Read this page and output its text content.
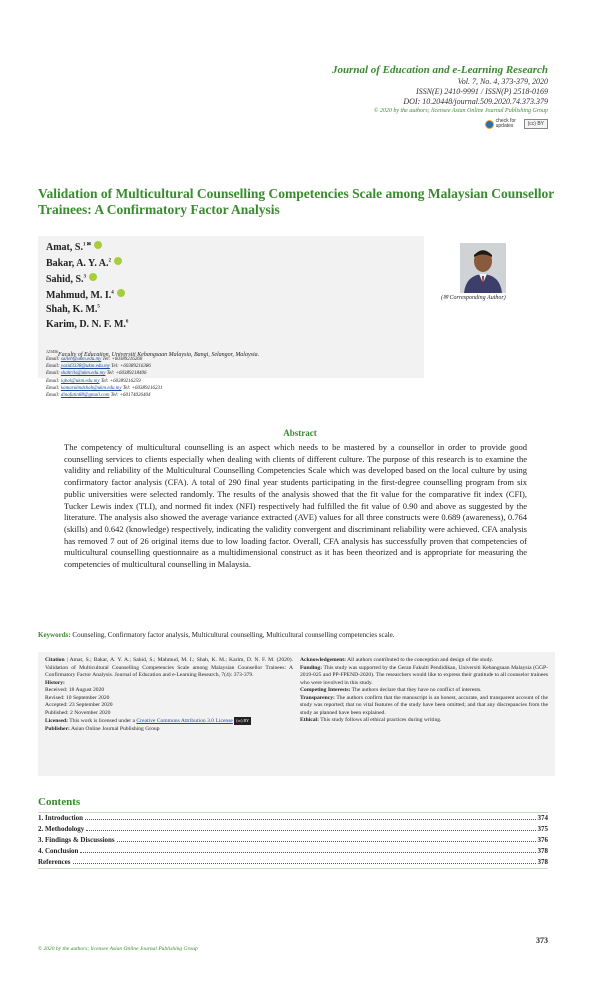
Journal of Education and e-Learning Research
Vol. 7, No. 4, 373-379, 2020
ISSN(E) 2410-9991 / ISSN(P) 2518-0169
DOI: 10.20448/journal.509.2020.74.373.379
© 2020 by the authors; licensee Asian Online Journal Publishing Group
check for updates	(cc) BY
Validation of Multicultural Counselling Competencies Scale among Malaysian Counsellor Trainees: A Confirmatory Factor Analysis
Amat, S.$^{1 ✉}$
Bakar, A. Y. A.$^2$
Sahid, S.$^3$
Mahmud, M. I.$^4$
Shah, K. M.$^5$
Karim, D. N. F. M.$^6$
$^{123456}$Faculty of Education, Universiti Kebangsaan Malaysia, Bangi, Selangor, Malaysia.
Email: salleh@ukm.edu.my Tel: +60389216260
Email: yazid3338@ukm.edu.my Tel: +60389216386
Email: shahrils@ukm.edu.my Tel: +60389218406
Email: iqbal@ukm.edu.my Tel: +60389216259
Email: kamarulmdshah@ukm.edu.my Tel: +60389216231
Email: dinafatin88@gmail.com Tel: +60174026404
(✉ Corresponding Author)
Abstract
The competency of multicultural counselling is an aspect which needs to be mastered by a counsellor in order to provide good counselling services to clients especially when dealing with clients of different culture. The purpose of this research is to examine the validity and reliability of the Multicultural Counselling Competencies Scale which was developed based on the local culture by using confirmatory factor analysis (CFA). A total of 290 final year students participating in the first-degree counselling program from six public universities were selected randomly. The results of the analysis showed that the fit value for the comparative fit index (CFI), Tucker Lewis index (TLI), and normed fit index (NFI) respectively had fulfilled the fit value of 0.90 and above as suggested by the literature. The analysis also showed the average variance extracted (AVE) values for all three constructs were 0.689 (awareness), 0.764 (skills) and 0.642 (knowledge) respectively, indicating the validity convergent and discriminant reliability were achieved. CFA analysis has removed 7 out of 26 original items due to low loading factor. Overall, CFA analysis has successfully proven that competencies of multicultural counselling questionnaire as a multidimensional construct as it has been theorized and is appropriate for measuring the competencies of multicultural counselling in Malaysia.
Keywords: Counseling, Confirmatory factor analysis, Multicultural counselling, Multicultural counselling competencies scale.
Citation | Amat, S.; Bakar, A. Y. A.; Sahid, S.; Mahmud, M. I.; Shah, K. M.; Karim, D. N. F. M. (2020). Validation of Multicultural Counselling Competencies Scale among Malaysian Counsellor Trainees: A Confirmatory Factor Analysis. Journal of Education and e-Learning Research, 7(4): 373-379.
History:
Received: 18 August 2020
Revised: 10 September 2020
Accepted: 23 September 2020
Published: 2 November 2020
Licensed: This work is licensed under a Creative Commons Attribution 3.0 License (cc) BY
Publisher: Asian Online Journal Publishing Group
Acknowledgement: All authors contributed to the conception and design of the study.
Funding: This study was supported by the Geran Fakulti Pendidikan, Universiti Kebangsaan Malaysia (GGP-2019-025 and PP-FPEND-2020). The researchers would like to express their gratitude to all counselor trainees who were involved in this study.
Competing Interests: The authors declare that they have no conflict of interests.
Transparency: The authors confirm that the manuscript is an honest, accurate, and transparent account of the study was reported; that no vital features of the study have been omitted; and that any discrepancies from the study as planned have been explained.
Ethical: This study follows all ethical practices during writing.
Contents
1. Introduction	374
2. Methodology	375
3. Findings & Discussions	376
4. Conclusion	378
References	378
373
© 2020 by the authors; licensee Asian Online Journal Publishing Group
